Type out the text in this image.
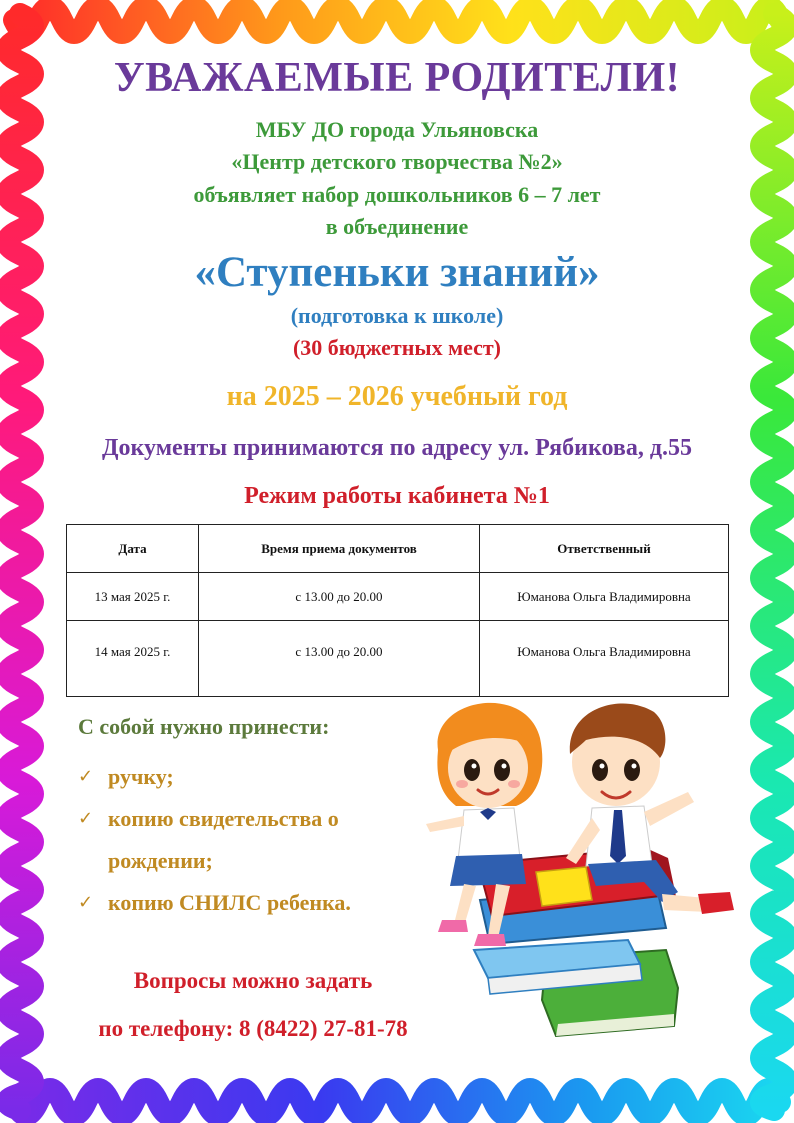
УВАЖАЕМЫЕ РОДИТЕЛИ!
МБУ ДО города Ульяновска
«Центр детского творчества №2»
объявляет набор дошкольников 6 – 7 лет
в объединение
«Ступеньки знаний»
(подготовка к школе)
(30 бюджетных мест)
на 2025 – 2026 учебный год
Документы принимаются по адресу ул. Рябикова, д.55
Режим работы кабинета №1
Дата	Время приема документов	Ответственный
13 мая 2025 г.	с 13.00 до 20.00	Юманова Ольга Владимировна
14 мая 2025 г.	с 13.00 до 20.00	Юманова Ольга Владимировна
С собой нужно принести:
✓ ручку;
✓ копию свидетельства о рождении;
✓ копию СНИЛС ребенка.
Вопросы можно задать
по телефону: 8 (8422) 27-81-78
